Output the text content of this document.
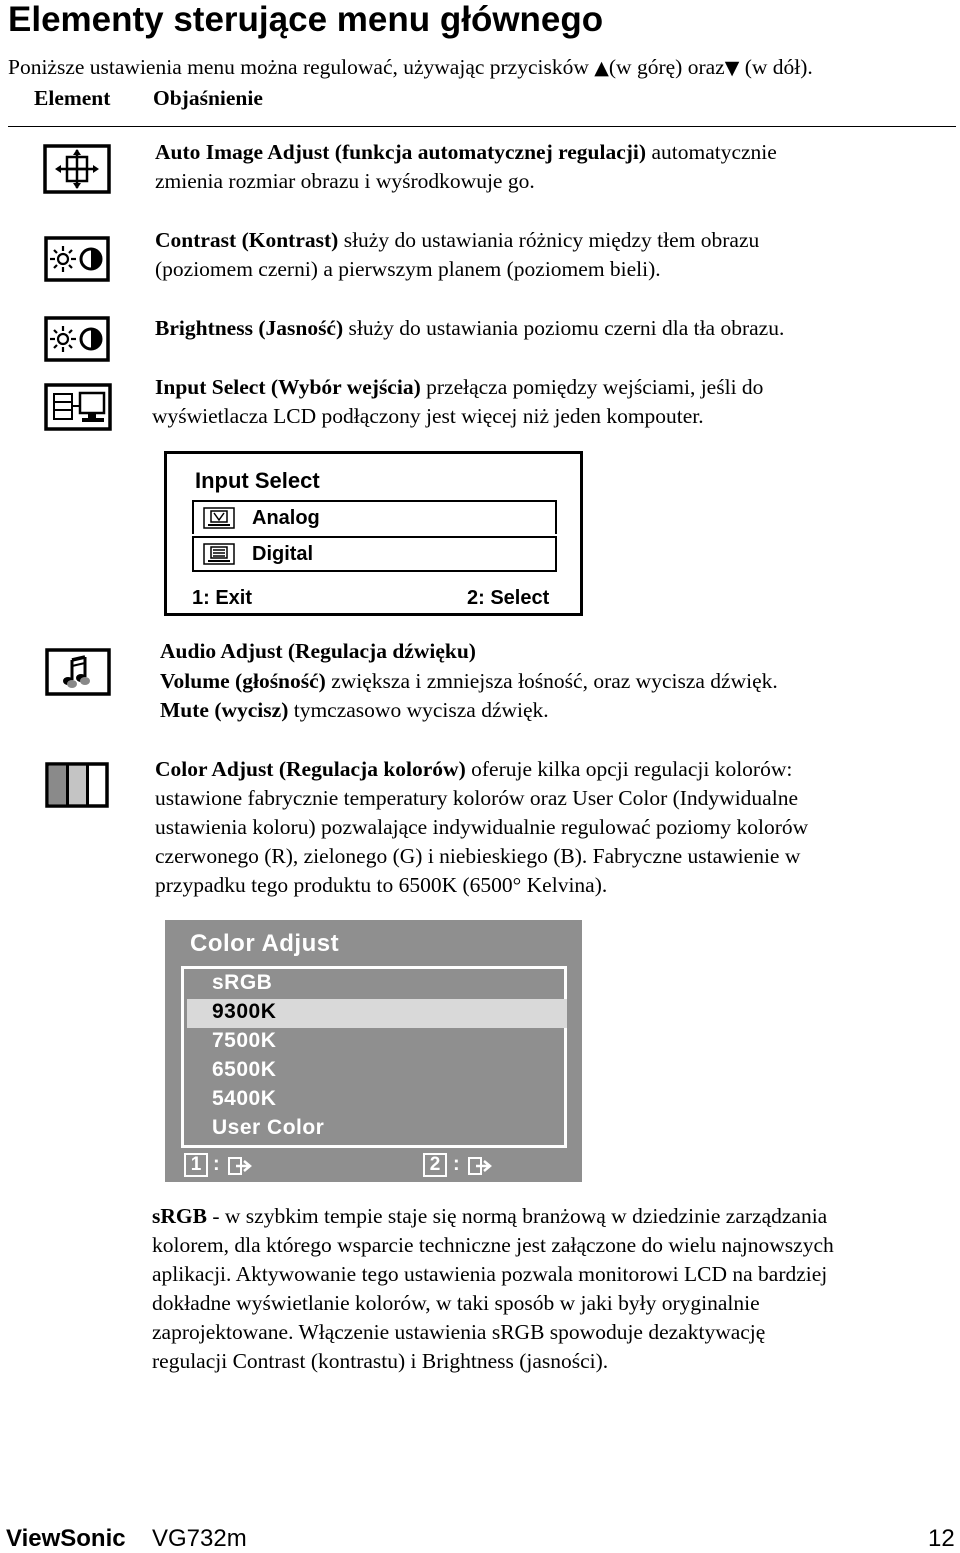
Elementy sterujące menu głównego
Poniższe ustawienia menu można regulować, używając przycisków ▲(w górę) oraz▼ (w dół).
Element Objaśnienie
Auto Image Adjust (funkcja automatycznej regulacji) automatycznie
zmienia rozmiar obrazu i wyśrodkowuje go.
Contrast (Kontrast) służy do ustawiania różnicy między tłem obrazu
(poziomem czerni) a pierwszym planem (poziomem bieli).
Brightness (Jasność) służy do ustawiania poziomu czerni dla tła obrazu.
Input Select (Wybór wejścia) przełącza pomiędzy wejściami, jeśli do
wyświetlacza LCD podłączony jest więcej niż jeden kompouter.
Input Select
Analog
Digital
1: Exit	2: Select
Audio Adjust (Regulacja dźwięku)
Volume (głośność) zwiększa i zmniejsza łośność, oraz wycisza dźwięk.
Mute (wycisz) tymczasowo wycisza dźwięk.
Color Adjust (Regulacja kolorów) oferuje kilka opcji regulacji kolorów:
ustawione fabrycznie temperatury kolorów oraz User Color (Indywidualne
ustawienia koloru) pozwalające indywidualnie regulować poziomy kolorów
czerwonego (R), zielonego (G) i niebieskiego (B). Fabryczne ustawienie w
przypadku tego produktu to 6500K (6500° Kelvina).
Color Adjust
sRGB
9300K
7500K
6500K
5400K
User Color
1 :	2 :
sRGB - w szybkim tempie staje się normą branżową w dziedzinie zarządzania
kolorem, dla którego wsparcie techniczne jest załączone do wielu najnowszych
aplikacji. Aktywowanie tego ustawienia pozwala monitorowi LCD na bardziej
dokładne wyświetlanie kolorów, w taki sposób w jaki były oryginalnie
zaprojektowane. Włączenie ustawienia sRGB spowoduje dezaktywację
regulacji Contrast (kontrastu) i Brightness (jasności).
ViewSonic VG732m	12
